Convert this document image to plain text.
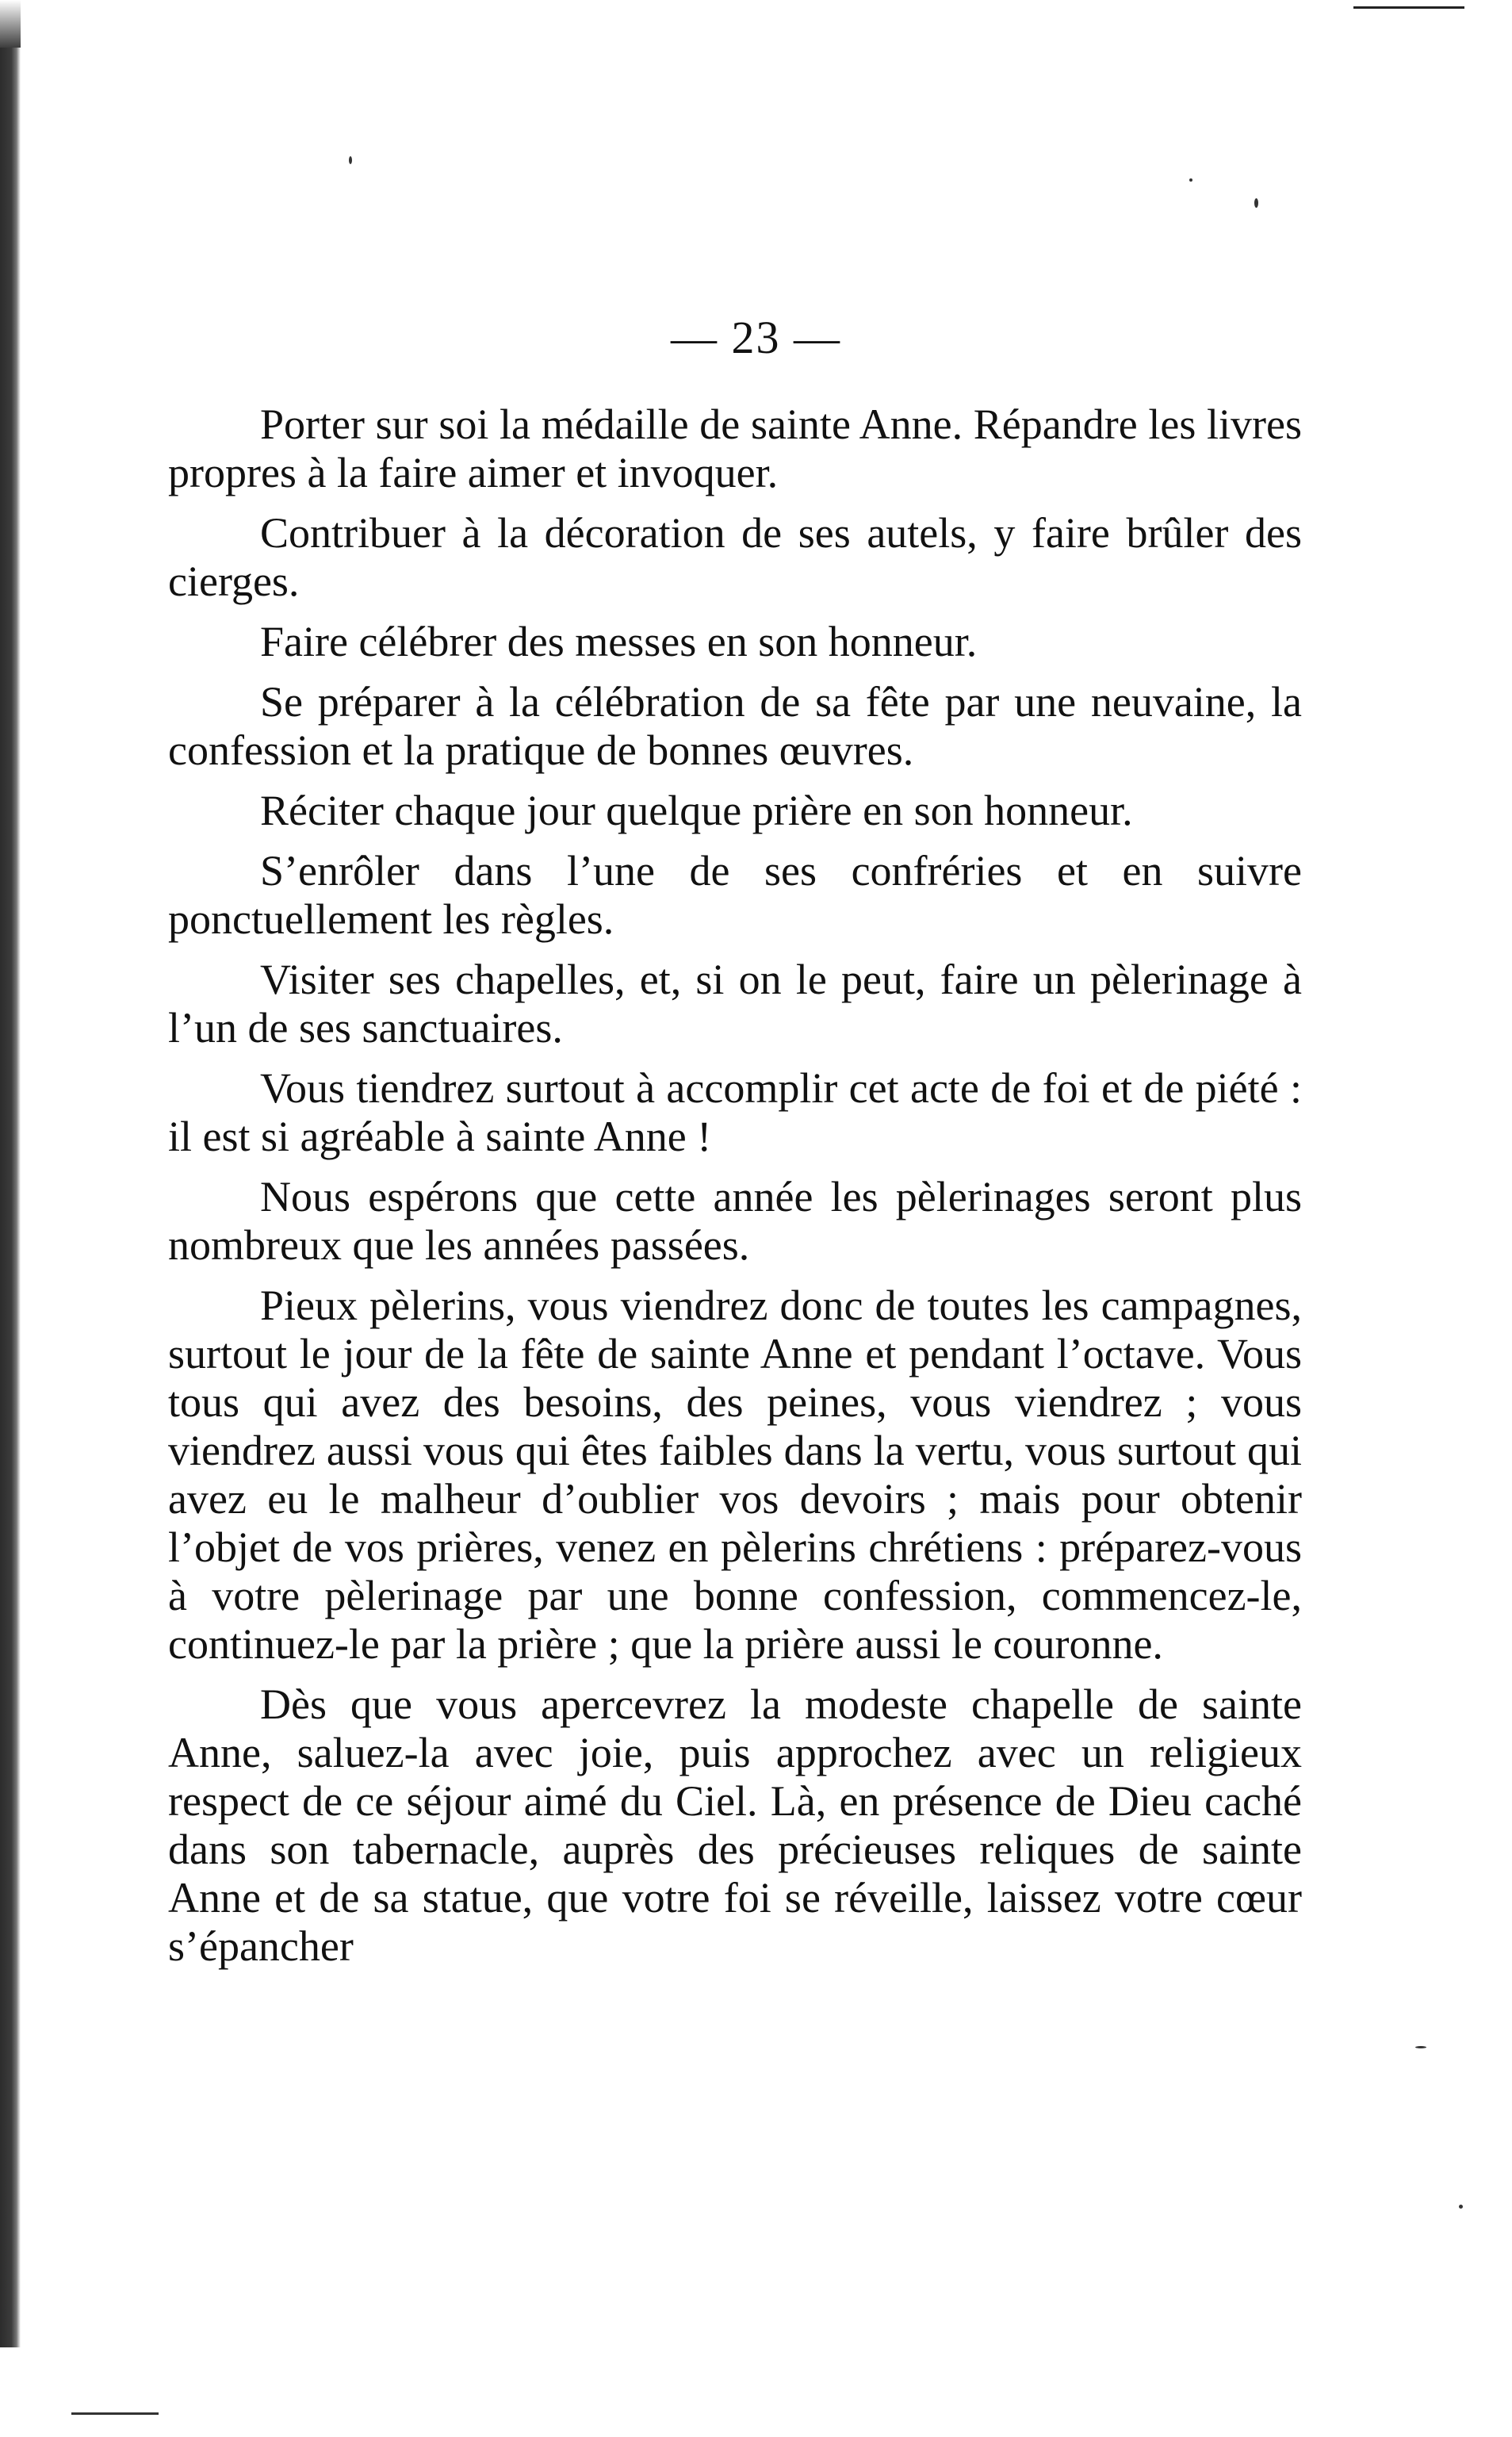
— 23 —

Porter sur soi la médaille de sainte Anne. Répandre les livres propres à la faire aimer et invoquer.

Contribuer à la décoration de ses autels, y faire brûler des cierges.

Faire célébrer des messes en son honneur.

Se préparer à la célébration de sa fête par une neuvaine, la confession et la pratique de bonnes œuvres.

Réciter chaque jour quelque prière en son honneur.

S’enrôler dans l’une de ses confréries et en suivre ponctuellement les règles.

Visiter ses chapelles, et, si on le peut, faire un pèlerinage à l’un de ses sanctuaires.

Vous tiendrez surtout à accomplir cet acte de foi et de piété : il est si agréable à sainte Anne !

Nous espérons que cette année les pèlerinages seront plus nombreux que les années passées.

Pieux pèlerins, vous viendrez donc de toutes les campagnes, surtout le jour de la fête de sainte Anne et pendant l’octave. Vous tous qui avez des besoins, des peines, vous viendrez ; vous viendrez aussi vous qui êtes faibles dans la vertu, vous surtout qui avez eu le malheur d’oublier vos devoirs ; mais pour obtenir l’objet de vos prières, venez en pèlerins chrétiens : préparez-vous à votre pèlerinage par une bonne confession, commencez-le, continuez-le par la prière ; que la prière aussi le couronne.

Dès que vous apercevrez la modeste chapelle de sainte Anne, saluez-la avec joie, puis approchez avec un religieux respect de ce séjour aimé du Ciel. Là, en présence de Dieu caché dans son tabernacle, auprès des précieuses reliques de sainte Anne et de sa statue, que votre foi se réveille, laissez votre cœur s’épancher
